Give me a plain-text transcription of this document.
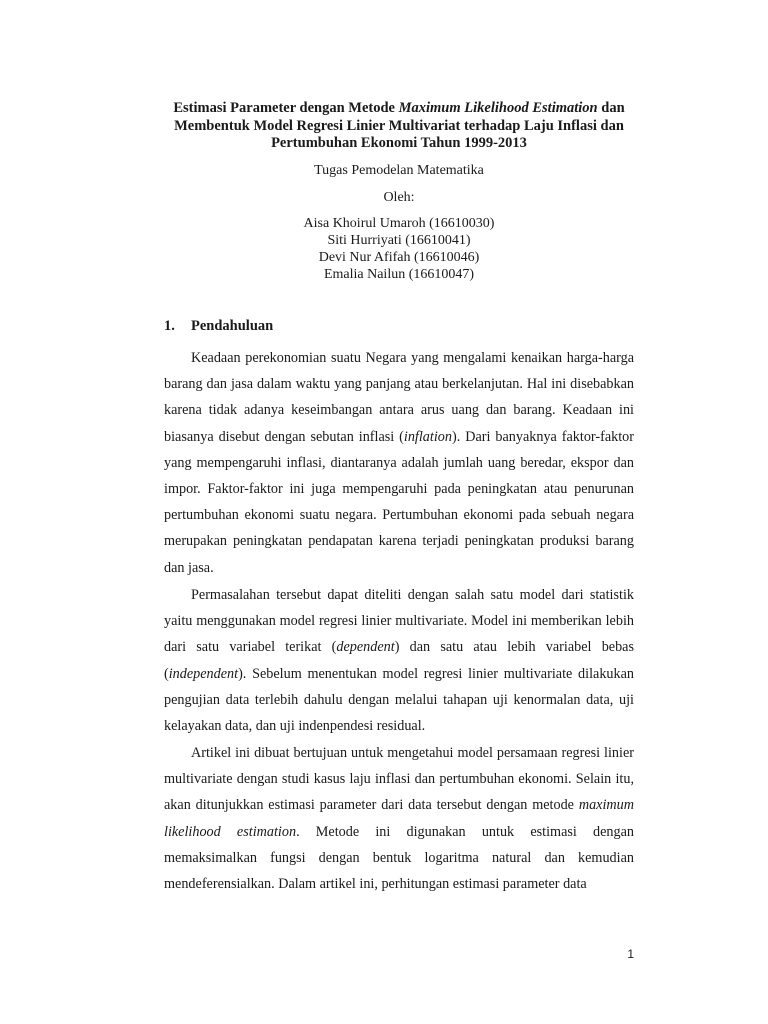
Estimasi Parameter dengan Metode Maximum Likelihood Estimation dan Membentuk Model Regresi Linier Multivariat terhadap Laju Inflasi dan Pertumbuhan Ekonomi Tahun 1999-2013
Tugas Pemodelan Matematika
Oleh:
Aisa Khoirul Umaroh (16610030)
Siti Hurriyati (16610041)
Devi Nur Afifah (16610046)
Emalia Nailun (16610047)
1. Pendahuluan

Keadaan perekonomian suatu Negara yang mengalami kenaikan harga-harga barang dan jasa dalam waktu yang panjang atau berkelanjutan. Hal ini disebabkan karena tidak adanya keseimbangan antara arus uang dan barang. Keadaan ini biasanya disebut dengan sebutan inflasi (inflation). Dari banyaknya faktor-faktor yang mempengaruhi inflasi, diantaranya adalah jumlah uang beredar, ekspor dan impor. Faktor-faktor ini juga mempengaruhi pada peningkatan atau penurunan pertumbuhan ekonomi suatu negara. Pertumbuhan ekonomi pada sebuah negara merupakan peningkatan pendapatan karena terjadi peningkatan produksi barang dan jasa.

Permasalahan tersebut dapat diteliti dengan salah satu model dari statistik yaitu menggunakan model regresi linier multivariate. Model ini memberikan lebih dari satu variabel terikat (dependent) dan satu atau lebih variabel bebas (independent). Sebelum menentukan model regresi linier multivariate dilakukan pengujian data terlebih dahulu dengan melalui tahapan uji kenormalan data, uji kelayakan data, dan uji indenpendesi residual.

Artikel ini dibuat bertujuan untuk mengetahui model persamaan regresi linier multivariate dengan studi kasus laju inflasi dan pertumbuhan ekonomi. Selain itu, akan ditunjukkan estimasi parameter dari data tersebut dengan metode maximum likelihood estimation. Metode ini digunakan untuk estimasi dengan memaksimalkan fungsi dengan bentuk logaritma natural dan kemudian mendeferensialkan. Dalam artikel ini, perhitungan estimasi parameter data

1
